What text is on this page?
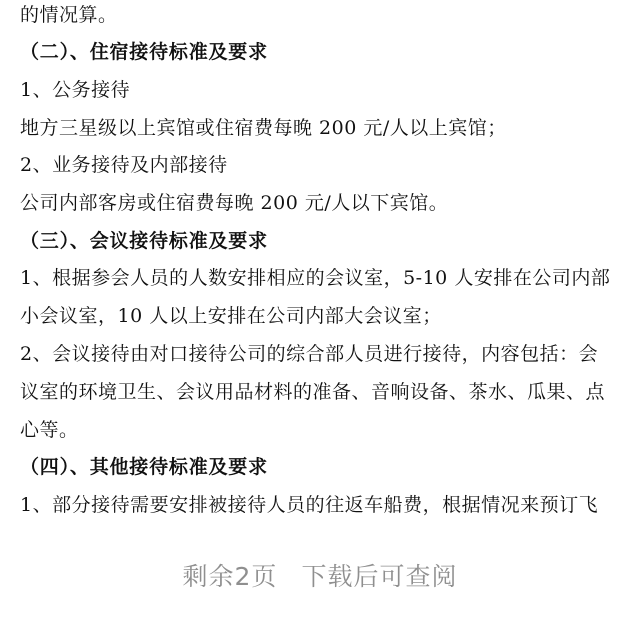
的情况算。
（二）、住宿接待标准及要求
1、公务接待
地方三星级以上宾馆或住宿费每晚 200 元/人以上宾馆；
2、业务接待及内部接待
公司内部客房或住宿费每晚 200 元/人以下宾馆。
（三）、会议接待标准及要求
1、根据参会人员的人数安排相应的会议室，5-10 人安排在公司内部
小会议室，10 人以上安排在公司内部大会议室；
2、会议接待由对口接待公司的综合部人员进行接待，内容包括：会
议室的环境卫生、会议用品材料的准备、音响设备、茶水、瓜果、点
心等。
（四）、其他接待标准及要求
1、部分接待需要安排被接待人员的往返车船费，根据情况来预订飞
剩余2页 下载后可查阅
